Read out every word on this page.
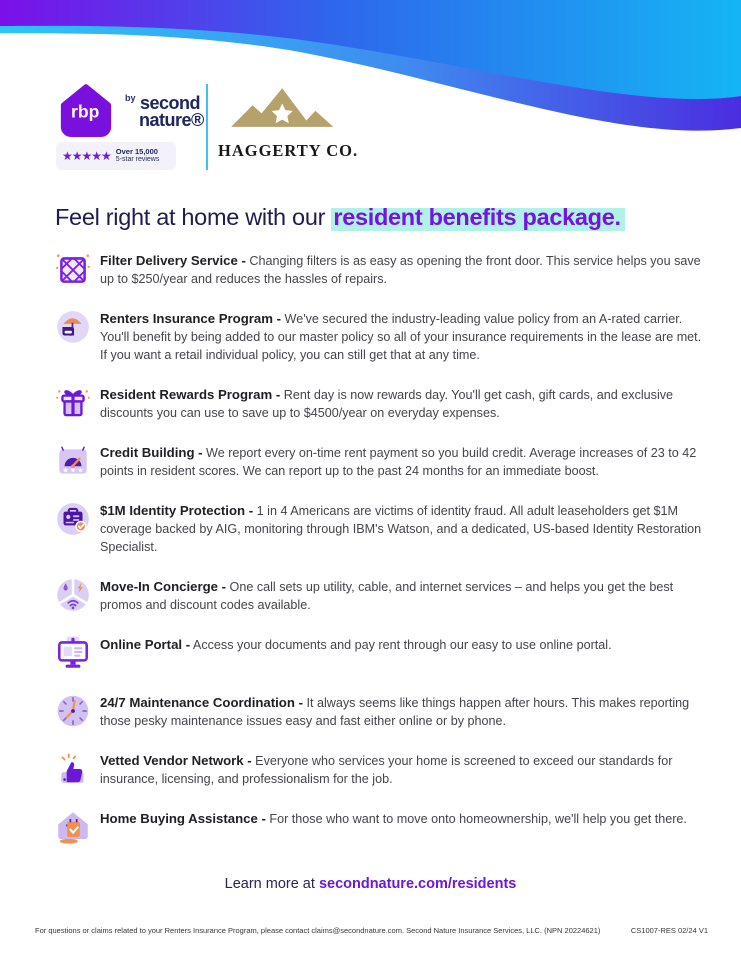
rbp
$^{by}$ second
nature®
★★★★★ Over 15,000
5-star reviews	HAGGERTY CO.
Feel right at home with our resident benefits package.
Filter Delivery Service - Changing filters is as easy as opening the front door. This service helps you save up to $250/year and reduces the hassles of repairs.
Renters Insurance Program - We've secured the industry-leading value policy from an A-rated carrier. You'll benefit by being added to our master policy so all of your insurance requirements in the lease are met. If you want a retail individual policy, you can still get that at any time.
Resident Rewards Program - Rent day is now rewards day. You'll get cash, gift cards, and exclusive discounts you can use to save up to $4500/year on everyday expenses.
★ ★ ★
Credit Building - We report every on-time rent payment so you build credit. Average increases of 23 to 42 points in resident scores. We can report up to the past 24 months for an immediate boost.
$1M Identity Protection - 1 in 4 Americans are victims of identity fraud. All adult leaseholders get $1M coverage backed by AIG, monitoring through IBM's Watson, and a dedicated, US-based Identity Restoration Specialist.
Move-In Concierge - One call sets up utility, cable, and internet services – and helps you get the best promos and discount codes available.
Online Portal - Access your documents and pay rent through our easy to use online portal.
24/7 Maintenance Coordination - It always seems like things happen after hours. This makes reporting those pesky maintenance issues easy and fast either online or by phone.
Vetted Vendor Network - Everyone who services your home is screened to exceed our standards for insurance, licensing, and professionalism for the job.
Home Buying Assistance - For those who want to move onto homeownership, we'll help you get there.
Learn more at secondnature.com/residents
For questions or claims related to your Renters Insurance Program, please contact claims@secondnature.com. Second Nature Insurance Services, LLC. (NPN 20224621)	CS1007-RES 02/24 V1
